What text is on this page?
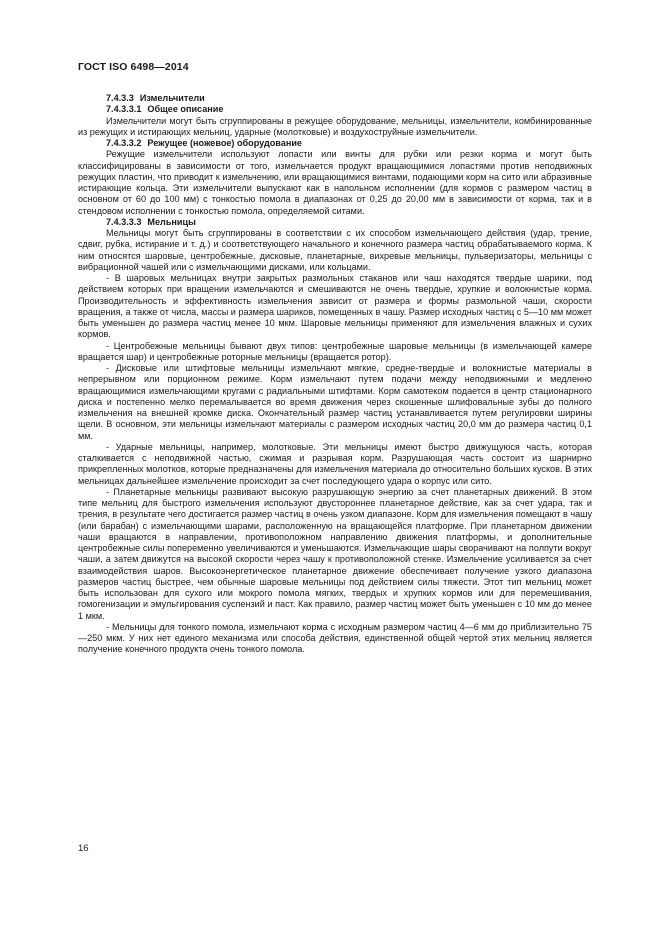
ГОСТ ISO 6498—2014
7.4.3.3 Измельчители
7.4.3.3.1 Общее описание

Измельчители могут быть сгруппированы в режущее оборудование, мельницы, измельчители, комбинированные из режущих и истирающих мельниц, ударные (молотковые) и воздухоструйные измельчители.

7.4.3.3.2 Режущее (ножевое) оборудование

Режущие измельчители используют лопасти или винты для рубки или резки корма и могут быть классифицированы в зависимости от того, измельчается продукт вращающимися лопастями против неподвижных режущих пластин, что приводит к измельчению, или вращающимися винтами, подающими корм на сито или абразивные истирающие кольца. Эти измельчители выпускают как в напольном исполнении (для кормов с размером частиц в основном от 60 до 100 мм) с тонкостью помола в диапазонах от 0,25 до 20,00 мм в зависимости от корма, так и в стендовом исполнении с тонкостью помола, определяемой ситами.

7.4.3.3.3 Мельницы

Мельницы могут быть сгруппированы в соответствии с их способом измельчающего действия (удар, трение, сдвиг, рубка, истирание и т. д.) и соответствующего начального и конечного размера частиц обрабатываемого корма. К ним относятся шаровые, центробежные, дисковые, планетарные, вихревые мельницы, пульверизаторы, мельницы с вибрационной чашей или с измельчающими дисками, или кольцами.

- В шаровых мельницах внутри закрытых размольных стаканов или чаш находятся твердые шарики, под действием которых при вращении измельчаются и смешиваются не очень твердые, хрупкие и волокнистые корма. Производительность и эффективность измельчения зависит от размера и формы размольной чаши, скорости вращения, а также от числа, массы и размера шариков, помещенных в чашу. Размер исходных частиц с 5—10 мм может быть уменьшен до размера частиц менее 10 мкм. Шаровые мельницы применяют для измельчения влажных и сухих кормов.

- Центробежные мельницы бывают двух типов: центробежные шаровые мельницы (в измельчающей камере вращается шар) и центробежные роторные мельницы (вращается ротор).

- Дисковые или штифтовые мельницы измельчают мягкие, средне-твердые и волокнистые материалы в непрерывном или порционном режиме. Корм измельчают путем подачи между неподвижными и медленно вращающимися измельчающими кругами с радиальными штифтами. Корм самотеком подается в центр стационарного диска и постепенно мелко перемалывается во время движения через скошенные шлифовальные зубы до полного измельчения на внешней кромке диска. Окончательный размер частиц устанавливается путем регулировки ширины щели. В основном, эти мельницы измельчают материалы с размером исходных частиц 20,0 мм до размера частиц 0,1 мм.

- Ударные мельницы, например, молотковые. Эти мельницы имеют быстро движущуюся часть, которая сталкивается с неподвижной частью, сжимая и разрывая корм. Разрушающая часть состоит из шарнирно прикрепленных молотков, которые предназначены для измельчения материала до относительно больших кусков. В этих мельницах дальнейшее измельчение происходит за счет последующего удара о корпус или сито.

- Планетарные мельницы развивают высокую разрушающую энергию за счет планетарных движений. В этом типе мельниц для быстрого измельчения используют двустороннее планетарное действие, как за счет удара, так и трения, в результате чего достигается размер частиц в очень узком диапазоне. Корм для измельчения помещают в чашу (или барабан) с измельчающими шарами, расположенную на вращающейся платформе. При планетарном движении чаши вращаются в направлении, противоположном направлению движения платформы, и дополнительные центробежные силы попеременно увеличиваются и уменьшаются. Измельчающие шары сворачивают на полпути вокруг чаши, а затем движутся на высокой скорости через чашу к противоположной стенке. Измельчение усиливается за счет взаимодействия шаров. Высокоэнергетическое планетарное движение обеспечивает получение узкого диапазона размеров частиц быстрее, чем обычные шаровые мельницы под действием силы тяжести. Этот тип мельниц может быть использован для сухого или мокрого помола мягких, твердых и хрупких кормов или для перемешивания, гомогенизации и эмульгирования суспензий и паст. Как правило, размер частиц может быть уменьшен с 10 мм до менее 1 мкм.

- Мельницы для тонкого помола, измельчают корма с исходным размером частиц 4—6 мм до приблизительно 75—250 мкм. У них нет единого механизма или способа действия, единственной общей чертой этих мельниц является получение конечного продукта очень тонкого помола.

16
